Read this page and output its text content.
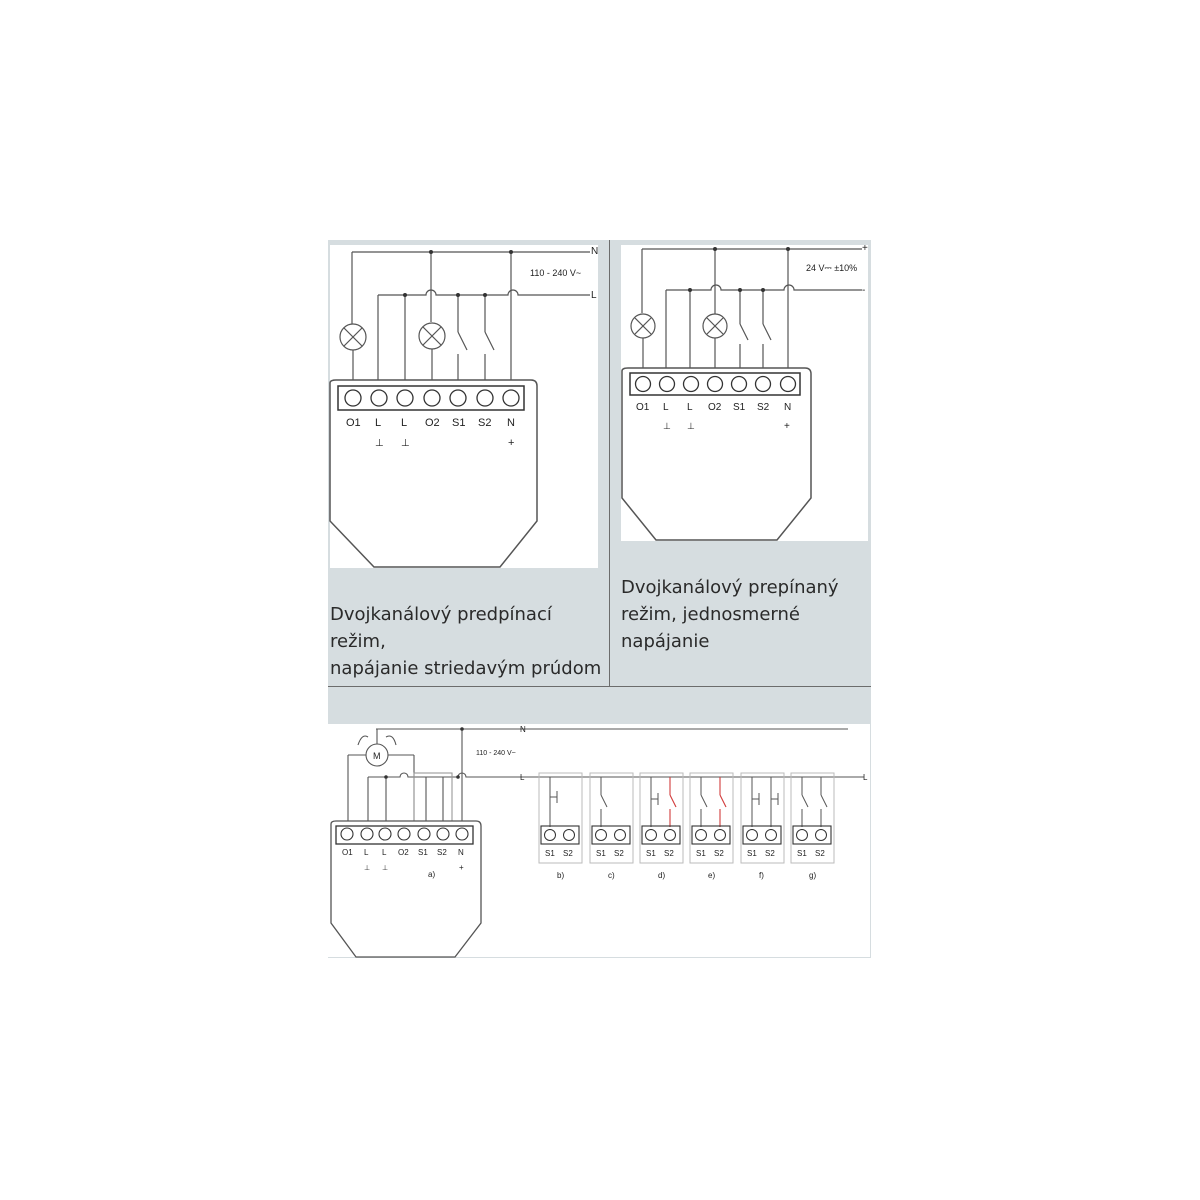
N
L
110 - 240 V~
O1 L L O2 S1 S2 N
⊥ ⊥	+
Dvojkanálový predpínací režim,
napájanie striedavým prúdom
+
-
24 V⎓ ±10%
O1 L L O2 S1 S2 N
⊥ ⊥	+
Dvojkanálový prepínaný
režim, jednosmerné
napájanie
M
N
L	L
110 - 240 V~
O1 L L O2 S1 S2 N
⊥ ⊥	+
a)
S1 S2
b)
S1 S2
c)
S1 S2
d)
S1 S2
e)
S1 S2
f)
S1 S2
g)
